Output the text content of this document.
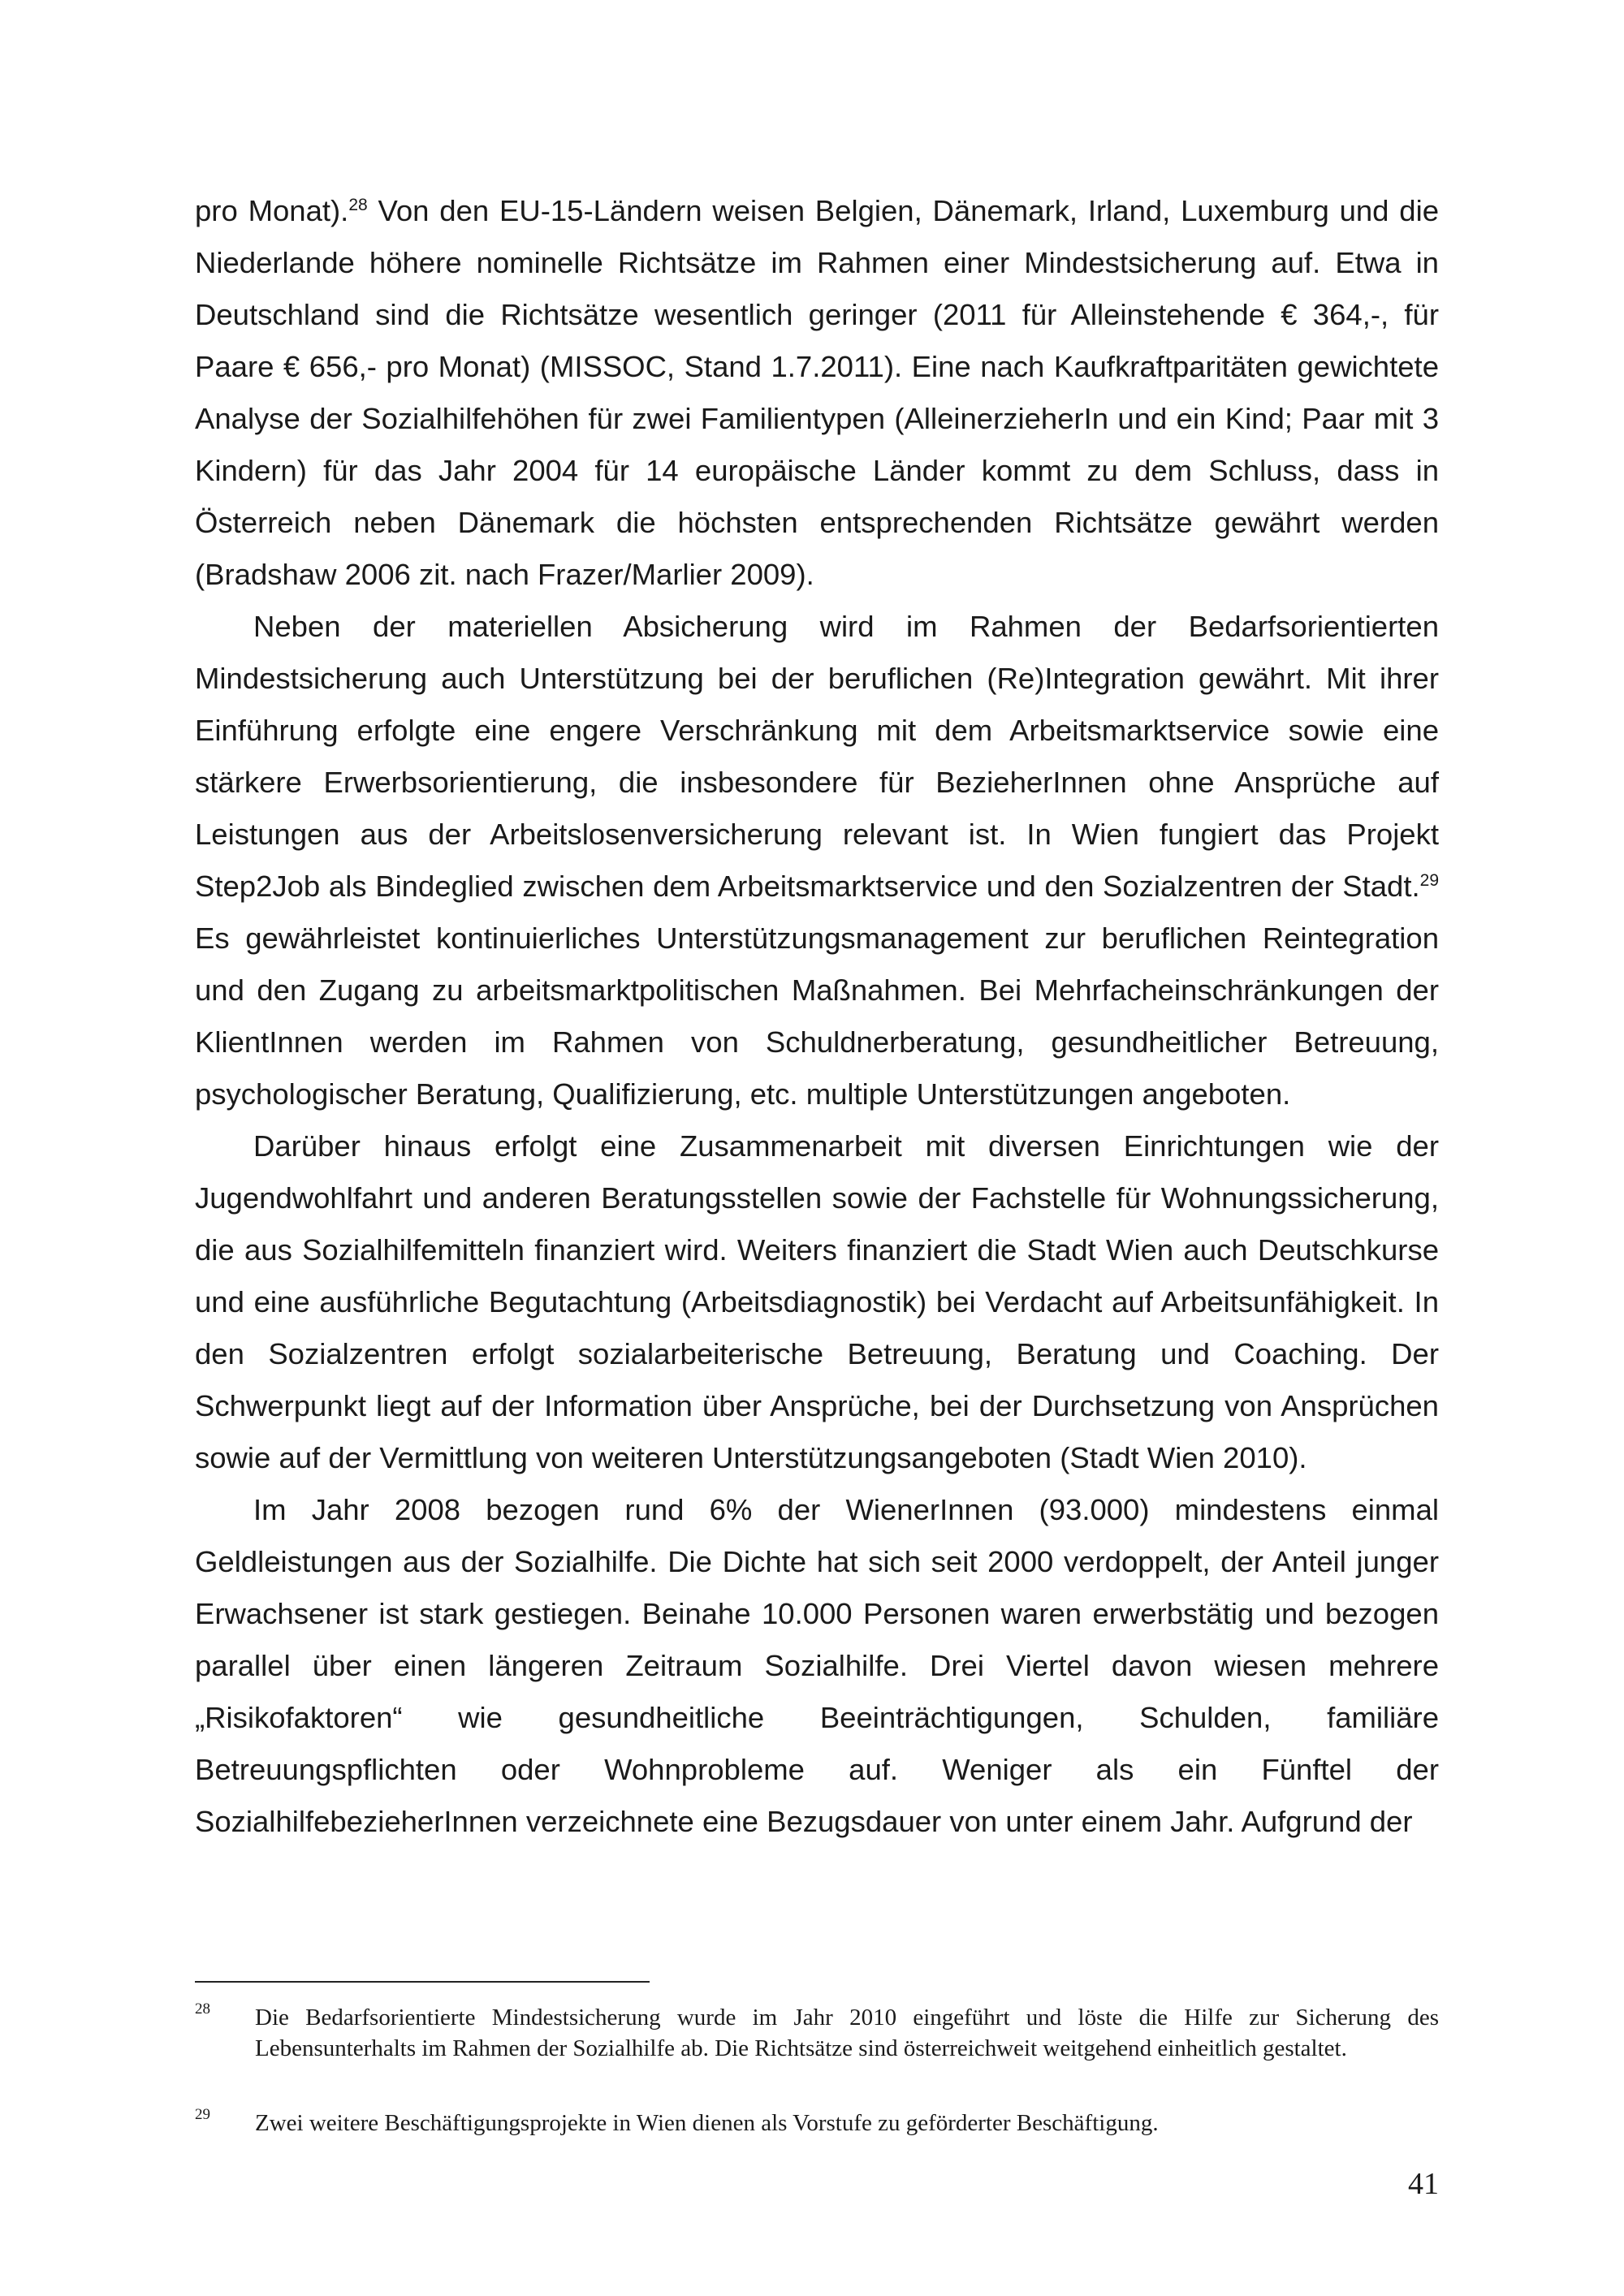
pro Monat).$^{28}$ Von den EU-15-Ländern weisen Belgien, Dänemark, Irland, Luxemburg und die Niederlande höhere nominelle Richtsätze im Rahmen einer Mindestsicherung auf. Etwa in Deutschland sind die Richtsätze wesentlich geringer (2011 für Alleinstehende € 364,-, für Paare € 656,- pro Monat) (MISSOC, Stand 1.7.2011). Eine nach Kaufkraftparitäten gewichtete Analyse der Sozialhilfehöhen für zwei Familientypen (AlleinerzieherIn und ein Kind; Paar mit 3 Kindern) für das Jahr 2004 für 14 europäische Länder kommt zu dem Schluss, dass in Österreich neben Dänemark die höchsten entsprechenden Richtsätze gewährt werden (Bradshaw 2006 zit. nach Frazer/Marlier 2009).

Neben der materiellen Absicherung wird im Rahmen der Bedarfsorientierten Mindestsicherung auch Unterstützung bei der beruflichen (Re)Integration gewährt. Mit ihrer Einführung erfolgte eine engere Verschränkung mit dem Arbeitsmarktservice sowie eine stärkere Erwerbsorientierung, die insbesondere für BezieherInnen ohne Ansprüche auf Leistungen aus der Arbeitslosenversicherung relevant ist. In Wien fungiert das Projekt Step2Job als Bindeglied zwischen dem Arbeitsmarktservice und den Sozialzentren der Stadt.$^{29}$ Es gewährleistet kontinuierliches Unterstützungsmanagement zur beruflichen Reintegration und den Zugang zu arbeitsmarktpolitischen Maßnahmen. Bei Mehrfacheinschränkungen der KlientInnen werden im Rahmen von Schuldnerberatung, gesundheitlicher Betreuung, psychologischer Beratung, Qualifizierung, etc. multiple Unterstützungen angeboten.

Darüber hinaus erfolgt eine Zusammenarbeit mit diversen Einrichtungen wie der Jugendwohlfahrt und anderen Beratungsstellen sowie der Fachstelle für Wohnungssicherung, die aus Sozialhilfemitteln finanziert wird. Weiters finanziert die Stadt Wien auch Deutschkurse und eine ausführliche Begutachtung (Arbeitsdiagnostik) bei Verdacht auf Arbeitsunfähigkeit. In den Sozialzentren erfolgt sozialarbeiterische Betreuung, Beratung und Coaching. Der Schwerpunkt liegt auf der Information über Ansprüche, bei der Durchsetzung von Ansprüchen sowie auf der Vermittlung von weiteren Unterstützungsangeboten (Stadt Wien 2010).

Im Jahr 2008 bezogen rund 6% der WienerInnen (93.000) mindestens einmal Geldleistungen aus der Sozialhilfe. Die Dichte hat sich seit 2000 verdoppelt, der Anteil junger Erwachsener ist stark gestiegen. Beinahe 10.000 Personen waren erwerbstätig und bezogen parallel über einen längeren Zeitraum Sozialhilfe. Drei Viertel davon wiesen mehrere „Risikofaktoren“ wie gesundheitliche Beeinträchtigungen, Schulden, familiäre Betreuungspflichten oder Wohnprobleme auf. Weniger als ein Fünftel der SozialhilfebezieherInnen verzeichnete eine Bezugsdauer von unter einem Jahr. Aufgrund der

28 Die Bedarfsorientierte Mindestsicherung wurde im Jahr 2010 eingeführt und löste die Hilfe zur Sicherung des Lebensunterhalts im Rahmen der Sozialhilfe ab. Die Richtsätze sind österreichweit weitgehend einheitlich gestaltet.
29 Zwei weitere Beschäftigungsprojekte in Wien dienen als Vorstufe zu geförderter Beschäftigung.
41
